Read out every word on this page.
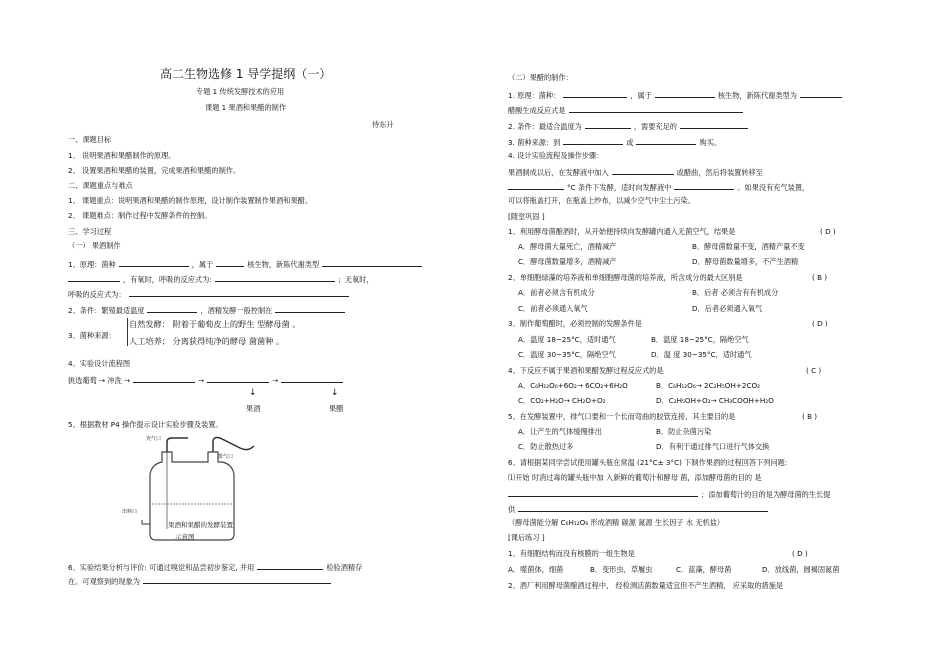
高二生物选修 1 导学提纲（一）
专题 1 传统发酵技术的应用
课题 1 果酒和果醋的制作
侍东升
一、课题目标
1、 说明果酒和果醋制作的原理。
2、 设置果酒和果醋的装置，完成果酒和果醋的制作。
二、课题重点与难点
1、 课题重点：说明果酒和果醋的制作原理，设计制作装置制作果酒和果醋。
2、 课题难点：制作过程中发酵条件的控制。
三、学习过程
（一） 果酒制作
1、原理：菌种	，属于	核生物，新陈代谢类型
，有氧时，呼吸的反应式为:	；无氧时，
呼吸的反应式为：
2、条件：繁殖最适温度	，酒精发酵一般控制在
3、菌种来源：
自然发酵： 附着于葡萄皮上的野生 型酵母菌 。
人工培养； 分离获得纯净的酵母 菌菌种 。
4、实验设计流程图
挑选葡萄 → 冲洗 →	→	→
↓	↓
果酒	果醋
5、根据教材 P4 操作提示设计实验步骤及装置。
充气口
排气口
出料口
果酒和果醋的发酵装置
示意图
6、实验结果分析与评价: 可通过嗅觉和品尝初步鉴定, 并用	检验酒精存
在。可观察到的现象为
（二）果醋的制作：
1. 原理：菌种：	，属于	核生物，新陈代谢类型为
醋酸生成反应式是
2. 条件：最适合温度为	，需要充足的
3. 菌种来源：到	或	购买。
4. 设计实验流程及操作步骤：
果酒制成以后，在发酵液中加入	或醋曲，然后将装置转移至
°C 条件下发酵，适时向发酵液中	。如果没有充气装置，
可以将瓶盖打开，在瓶盖上纱布，以减少空气中尘土污染。
[随堂巩固 ]
1、利用酵母菌酿酒时，从开始便持续向发酵罐内通入无菌空气，结果是	( D )
A．酵母菌大量死亡，酒精减产	B．酵母菌数量不变，酒精产量不变
C．酵母菌数量增多，酒精减产	D．酵母菌数量增多，不产生酒精
2、单细胞绿藻的培养液和单细胞酵母菌的培养液，所含成分的最大区别是	( B )
A．前者必须含有机成分	B．后者 必须含有有机成分
C．前者必须通入氧气	D．后者必须通入氧气
3、制作葡萄醋时，必须控制的发酵条件是	( D )
A．温度 18~25°C，适时通气	B．温度 18~25°C，隔绝空气
C．温度 30~35°C，隔绝空气	D．温 度 30~35°C，适时通气
4、下反应不属于果酒和果醋发酵过程反应式的是	( C )
A．C₆H₁₂O₆+6O₂→ 6CO₂+6H₂O	B．C₆H₁₂O₆→ 2C₂H₅OH+2CO₂
C．CO₂+H₂O→ CH₂O+O₂	D．C₂H₅OH+O₂→ CH₃COOH+H₂O
5、在发酵装置中，排气口要和一个长而弯曲的胶管连接，其主要目的是	( B )
A．让产生的气体缓慢排出	B．防止杂菌污染
C．防止散热过多	D．有利于通过排气口进行气体交换
6、请根据某同学尝试使用罐头瓶在常温 (21°C± 3°C) 下制作果酒的过程回答下列问题:
⑴开始 时消过毒的罐头瓶中加 入新鲜的葡萄汁和酵母 菌，添加酵母菌的目的 是
；添加葡萄汁的目的是为酵母菌的生长提
供
（酵母菌能分解 C₆H₁₂O₆ 形成酒精 碳源 氮源 生长因子 水 无机盐）
[课后练习 ]
1、有细胞结构而没有核膜的一组生物是	( D )
A．噬菌体，细菌	B．变形虫，草履虫	C．蓝藻，酵母菌	D．放线菌，圆褐固氮菌
2、酒厂利用酵母菌酿酒过程中， 经检测活菌数量适宜但不产生酒精， 应采取的措施是
